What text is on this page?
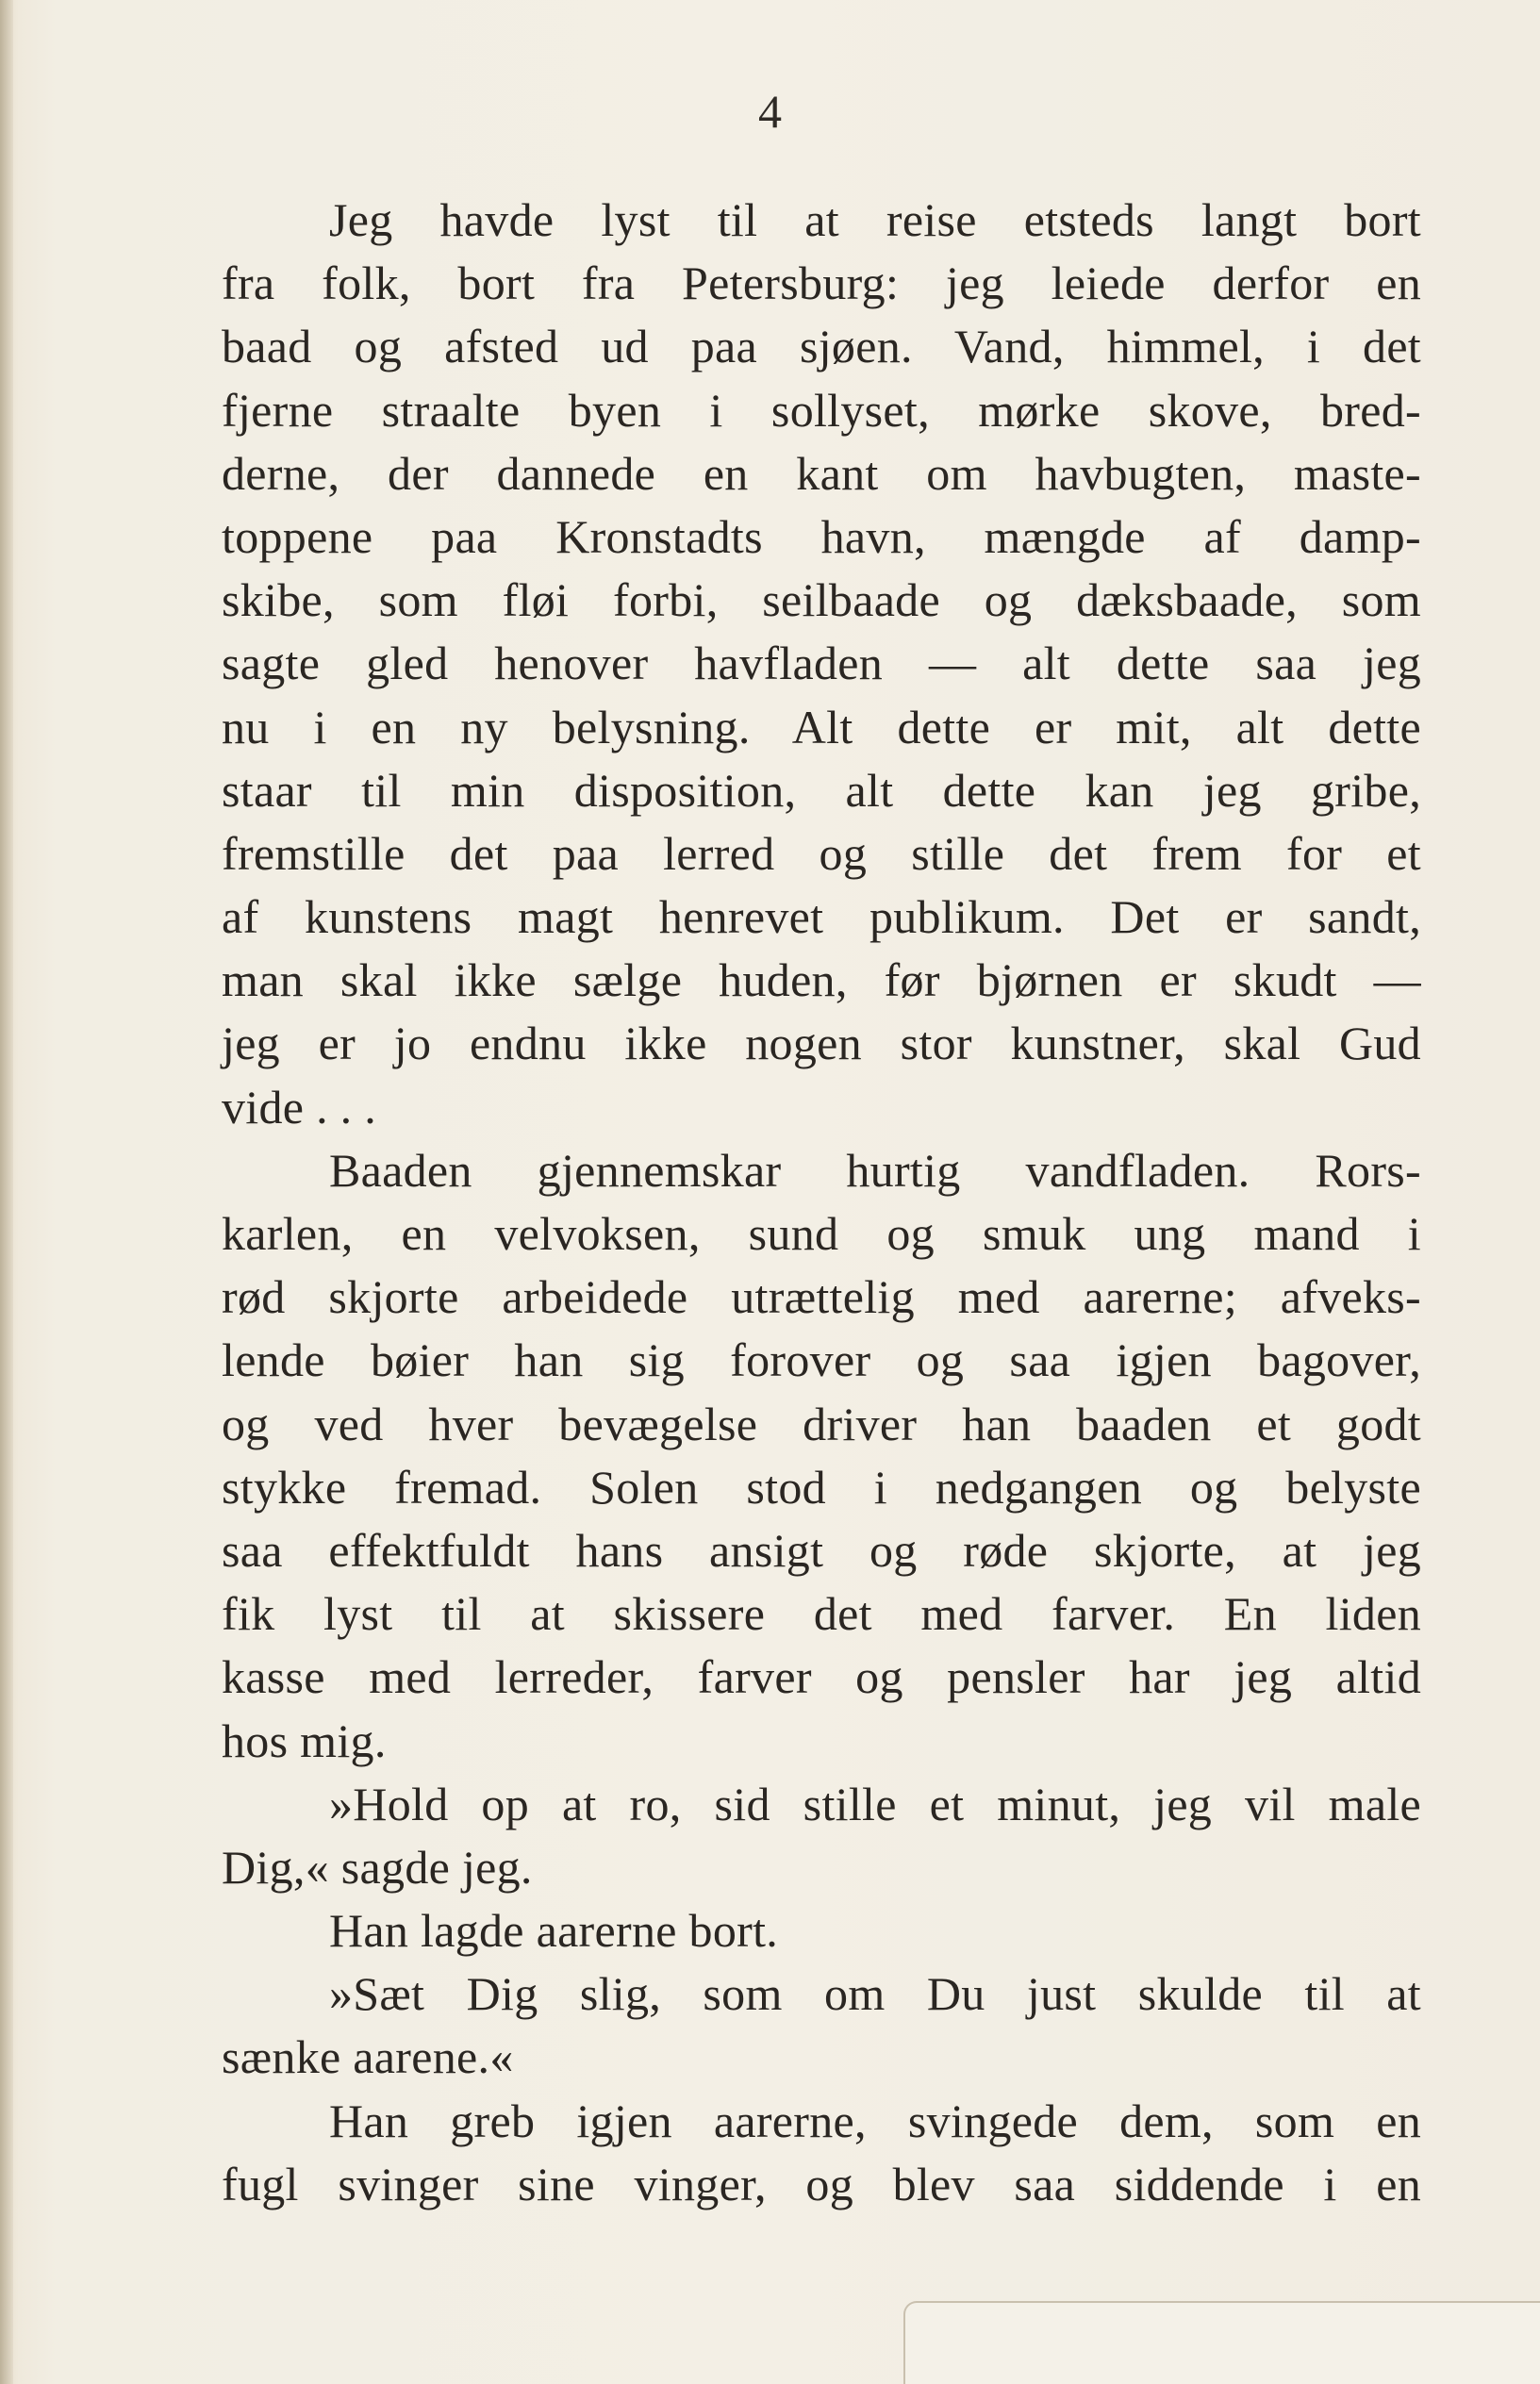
4
Jeg havde lyst til at reise etsteds langt bort
fra folk, bort fra Petersburg: jeg leiede derfor en
baad og afsted ud paa sjøen. Vand, himmel, i det
fjerne straalte byen i sollyset, mørke skove, bred-
derne, der dannede en kant om havbugten, maste-
toppene paa Kronstadts havn, mængde af damp-
skibe, som fløi forbi, seilbaade og dæksbaade, som
sagte gled henover havfladen — alt dette saa jeg
nu i en ny belysning. Alt dette er mit, alt dette
staar til min disposition, alt dette kan jeg gribe,
fremstille det paa lerred og stille det frem for et
af kunstens magt henrevet publikum. Det er sandt,
man skal ikke sælge huden, før bjørnen er skudt —
jeg er jo endnu ikke nogen stor kunstner, skal Gud
vide . . .
Baaden gjennemskar hurtig vandfladen. Rors-
karlen, en velvoksen, sund og smuk ung mand i
rød skjorte arbeidede utrættelig med aarerne; afveks-
lende bøier han sig forover og saa igjen bagover,
og ved hver bevægelse driver han baaden et godt
stykke fremad. Solen stod i nedgangen og belyste
saa effektfuldt hans ansigt og røde skjorte, at jeg
fik lyst til at skissere det med farver. En liden
kasse med lerreder, farver og pensler har jeg altid
hos mig.
»Hold op at ro, sid stille et minut, jeg vil male
Dig,« sagde jeg.
Han lagde aarerne bort.
»Sæt Dig slig, som om Du just skulde til at
sænke aarene.«
Han greb igjen aarerne, svingede dem, som en
fugl svinger sine vinger, og blev saa siddende i en
